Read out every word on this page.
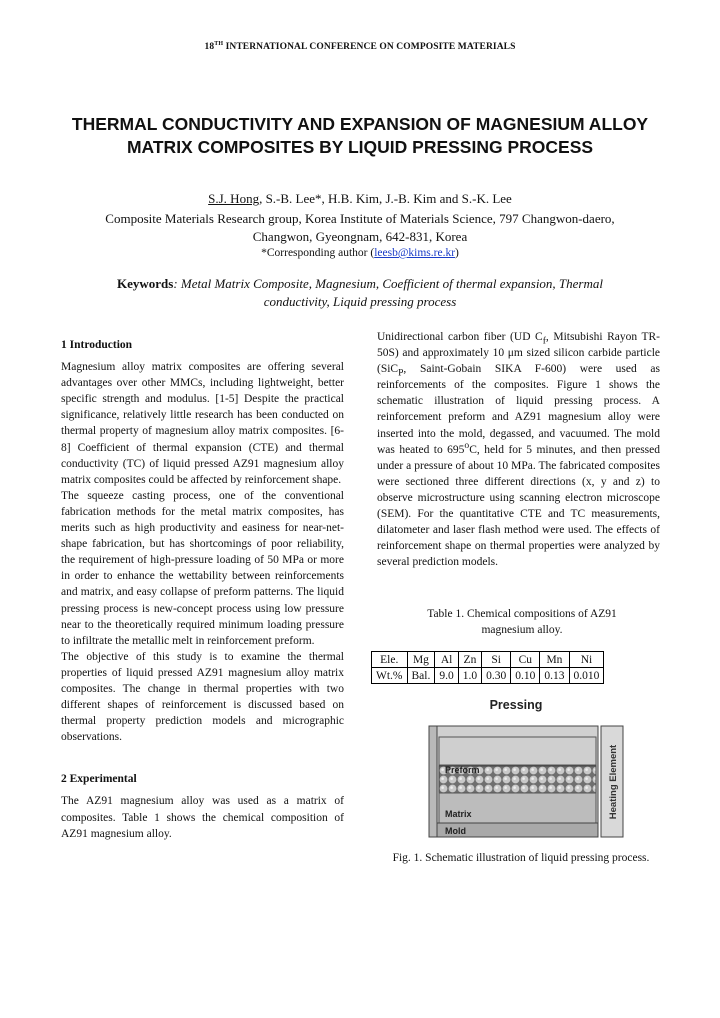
18TH INTERNATIONAL CONFERENCE ON COMPOSITE MATERIALS
THERMAL CONDUCTIVITY AND EXPANSION OF MAGNESIUM ALLOY MATRIX COMPOSITES BY LIQUID PRESSING PROCESS
S.J. Hong, S.-B. Lee*, H.B. Kim, J.-B. Kim and S.-K. Lee
Composite Materials Research group, Korea Institute of Materials Science, 797 Changwon-daero, Changwon, Gyeongnam, 642-831, Korea
*Corresponding author (leesb@kims.re.kr)
Keywords: Metal Matrix Composite, Magnesium, Coefficient of thermal expansion, Thermal conductivity, Liquid pressing process
1 Introduction

Magnesium alloy matrix composites are offering several advantages over other MMCs, including lightweight, better specific strength and modulus. [1-5] Despite the practical significance, relatively little research has been conducted on thermal property of magnesium alloy matrix composites. [6-8] Coefficient of thermal expansion (CTE) and thermal conductivity (TC) of liquid pressed AZ91 magnesium alloy matrix composites could be affected by reinforcement shape.

The squeeze casting process, one of the conventional fabrication methods for the metal matrix composites, has merits such as high productivity and easiness for near-net-shape fabrication, but has shortcomings of poor reliability, the requirement of high-pressure loading of 50 MPa or more in order to enhance the wettability between reinforcements and matrix, and easy collapse of preform patterns. The liquid pressing process is new-concept process using low pressure near to the theoretically required minimum loading pressure to infiltrate the metallic melt in reinforcement preform.

The objective of this study is to examine the thermal properties of liquid pressed AZ91 magnesium alloy matrix composites. The change in thermal properties with two different shapes of reinforcement is discussed based on thermal property prediction models and micrographic observations.

2 Experimental

The AZ91 magnesium alloy was used as a matrix of composites. Table 1 shows the chemical composition of AZ91 magnesium alloy.

Unidirectional carbon fiber (UD $C_f$, Mitsubishi Rayon TR-50S) and approximately 10 μm sized silicon carbide particle (SiC$_P$, Saint-Gobain SIKA F-600) were used as reinforcements of the composites. Figure 1 shows the schematic illustration of liquid pressing process. A reinforcement preform and AZ91 magnesium alloy were inserted into the mold, degassed, and vacuumed. The mold was heated to 695$^o$C, held for 5 minutes, and then pressed under a pressure of about 10 MPa. The fabricated composites were sectioned three different directions (x, y and z) to observe microstructure using scanning electron microscope (SEM). For the quantitative CTE and TC measurements, dilatometer and laser flash method were used. The effects of reinforcement shape on thermal properties were analyzed by several prediction models.

Table 1. Chemical compositions of AZ91 magnesium alloy.
Ele.	Mg	Al	Zn	Si	Cu	Mn	Ni
Wt.%	Bal.	9.0	1.0	0.30	0.10	0.13	0.010
Pressing
Heating Element
Preform
Matrix
Mold
Fig. 1. Schematic illustration of liquid pressing process.
